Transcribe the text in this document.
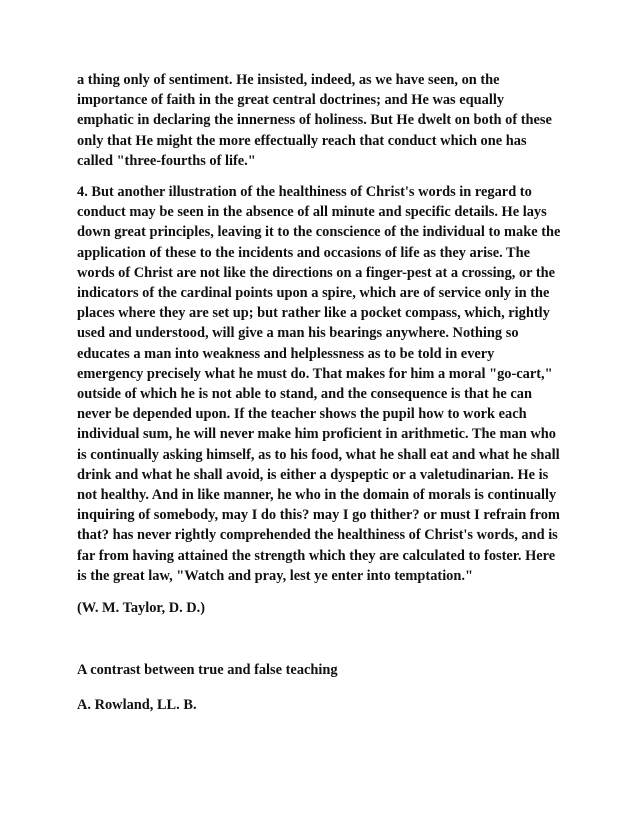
a thing only of sentiment. He insisted, indeed, as we have seen, on the importance of faith in the great central doctrines; and He was equally emphatic in declaring the innerness of holiness. But He dwelt on both of these only that He might the more effectually reach that conduct which one has called "three-fourths of life."

4. But another illustration of the healthiness of Christ's words in regard to conduct may be seen in the absence of all minute and specific details. He lays down great principles, leaving it to the conscience of the individual to make the application of these to the incidents and occasions of life as they arise. The words of Christ are not like the directions on a finger-pest at a crossing, or the indicators of the cardinal points upon a spire, which are of service only in the places where they are set up; but rather like a pocket compass, which, rightly used and understood, will give a man his bearings anywhere. Nothing so educates a man into weakness and helplessness as to be told in every emergency precisely what he must do. That makes for him a moral "go-cart," outside of which he is not able to stand, and the consequence is that he can never be depended upon. If the teacher shows the pupil how to work each individual sum, he will never make him proficient in arithmetic. The man who is continually asking himself, as to his food, what he shall eat and what he shall drink and what he shall avoid, is either a dyspeptic or a valetudinarian. He is not healthy. And in like manner, he who in the domain of morals is continually inquiring of somebody, may I do this? may I go thither? or must I refrain from that? has never rightly comprehended the healthiness of Christ's words, and is far from having attained the strength which they are calculated to foster. Here is the great law, "Watch and pray, lest ye enter into temptation."

(W. M. Taylor, D. D.)

A contrast between true and false teaching

A. Rowland, LL. B.
